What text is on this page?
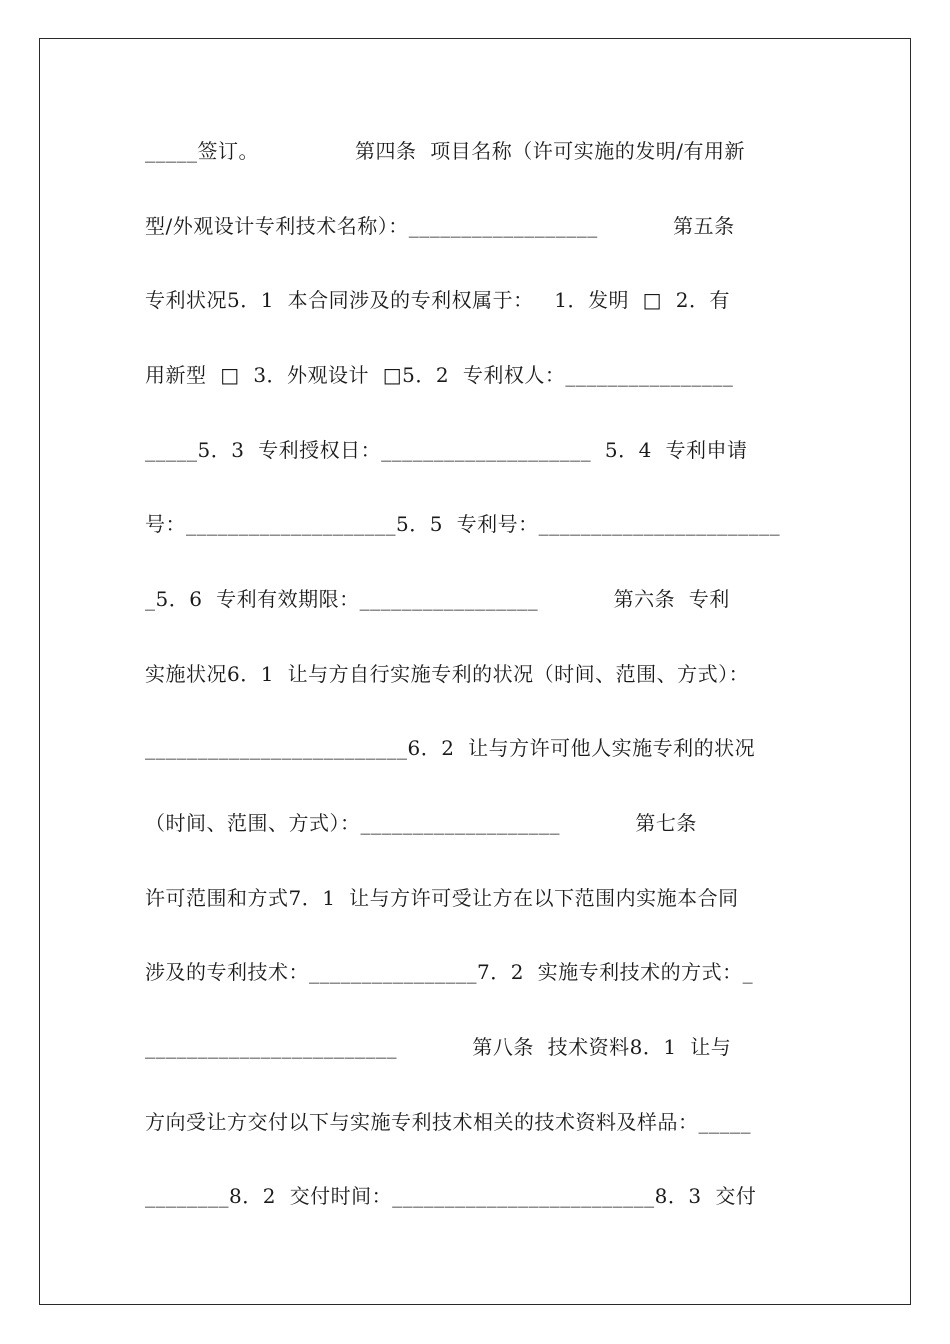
_____签订。              第四条  项目名称（许可实施的发明/有用新
型/外观设计专利技术名称）：__________________           第五条
专利状况5．1  本合同涉及的专利权属于：   1．发明  □  2．有
用新型  □  3．外观设计  □5．2  专利权人：________________
_____5．3  专利授权日：____________________  5．4  专利申请
号：____________________5．5  专利号：_______________________
_5．6  专利有效期限：_________________           第六条  专利
实施状况6．1  让与方自行实施专利的状况（时间、范围、方式）：
_________________________6．2  让与方许可他人实施专利的状况
（时间、范围、方式）：___________________           第七条
许可范围和方式7．1  让与方许可受让方在以下范围内实施本合同
涉及的专利技术：________________7．2  实施专利技术的方式：_
________________________           第八条  技术资料8．1  让与
方向受让方交付以下与实施专利技术相关的技术资料及样品：_____
________8．2  交付时间：_________________________8．3  交付
